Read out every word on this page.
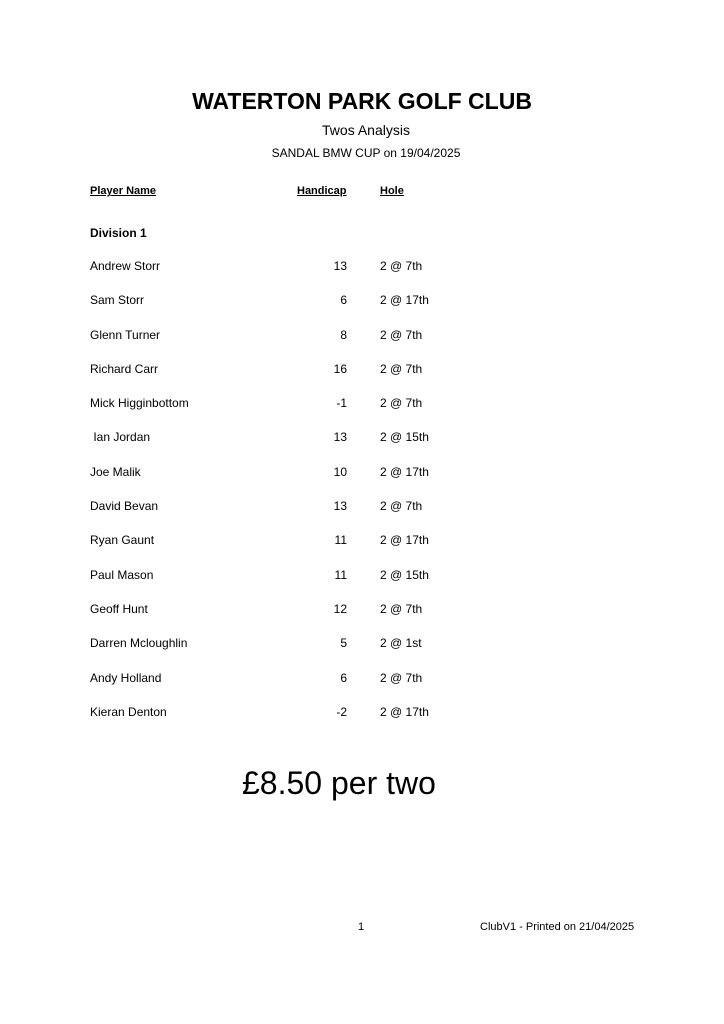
WATERTON PARK GOLF CLUB
Twos Analysis
SANDAL BMW CUP on 19/04/2025
Player Name	Handicap	Hole
Division 1
Andrew Storr	13	2 @ 7th
Sam Storr	6	2 @ 17th
Glenn Turner	8	2 @ 7th
Richard Carr	16	2 @ 7th
Mick Higginbottom	-1	2 @ 7th
Ian Jordan	13	2 @ 15th
Joe Malik	10	2 @ 17th
David Bevan	13	2 @ 7th
Ryan Gaunt	11	2 @ 17th
Paul Mason	11	2 @ 15th
Geoff Hunt	12	2 @ 7th
Darren Mcloughlin	5	2 @ 1st
Andy Holland	6	2 @ 7th
Kieran Denton	-2	2 @ 17th
£8.50 per two
1	ClubV1 - Printed on 21/04/2025
